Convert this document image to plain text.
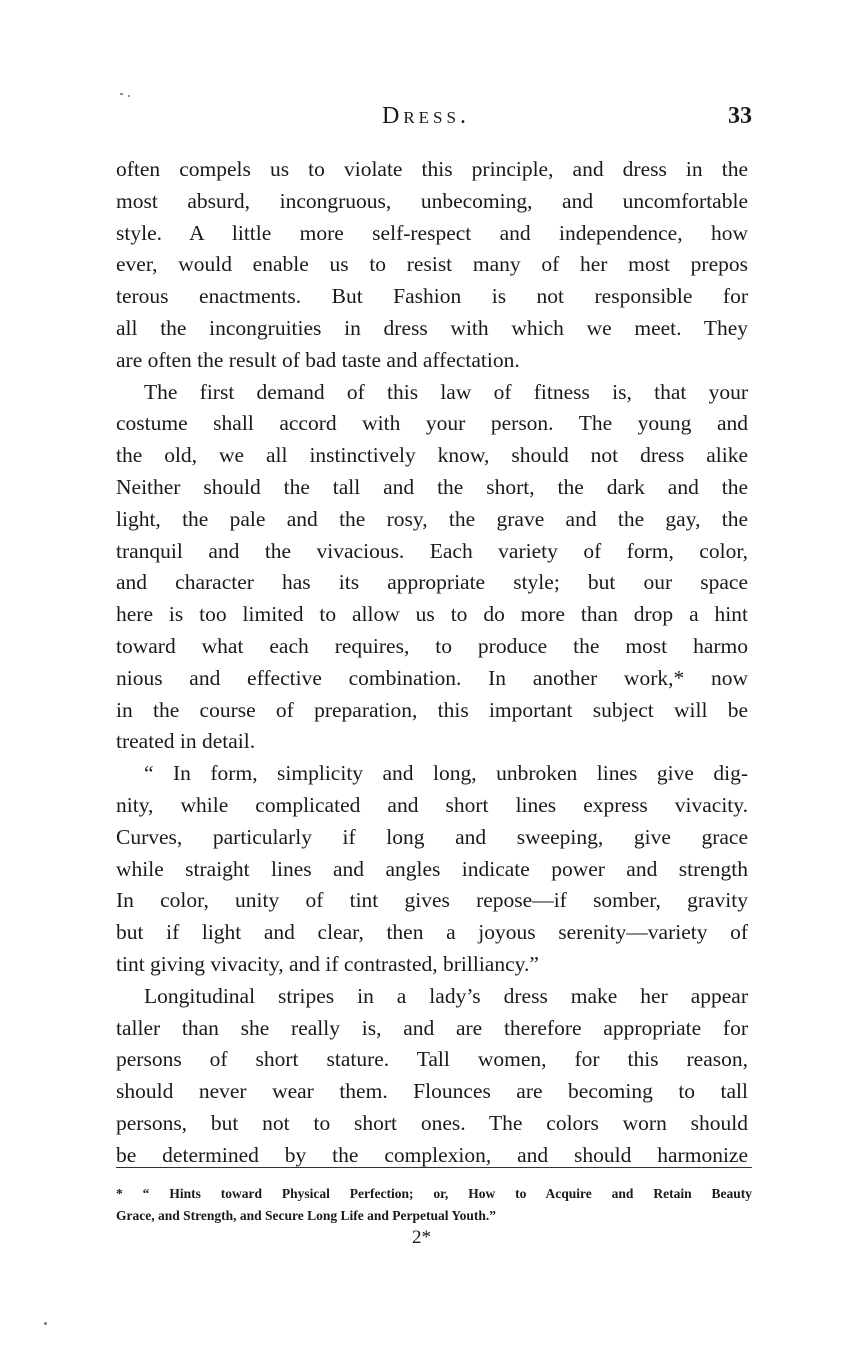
Dress.	33
often compels us to violate this principle, and dress in the
most absurd, incongruous, unbecoming, and uncomfortable
style. A little more self-respect and independence, how
ever, would enable us to resist many of her most prepos
terous enactments. But Fashion is not responsible for
all the incongruities in dress with which we meet. They
are often the result of bad taste and affectation.
The first demand of this law of fitness is, that your
costume shall accord with your person. The young and
the old, we all instinctively know, should not dress alike
Neither should the tall and the short, the dark and the
light, the pale and the rosy, the grave and the gay, the
tranquil and the vivacious. Each variety of form, color,
and character has its appropriate style; but our space
here is too limited to allow us to do more than drop a hint
toward what each requires, to produce the most harmo
nious and effective combination. In another work,* now
in the course of preparation, this important subject will be
treated in detail.
“ In form, simplicity and long, unbroken lines give dig-
nity, while complicated and short lines express vivacity.
Curves, particularly if long and sweeping, give grace
while straight lines and angles indicate power and strength
In color, unity of tint gives repose—if somber, gravity
but if light and clear, then a joyous serenity—variety of
tint giving vivacity, and if contrasted, brilliancy.”
Longitudinal stripes in a lady’s dress make her appear
taller than she really is, and are therefore appropriate for
persons of short stature. Tall women, for this reason,
should never wear them. Flounces are becoming to tall
persons, but not to short ones. The colors worn should
be determined by the complexion, and should harmonize
* “ Hints toward Physical Perfection; or, How to Acquire and Retain Beauty
Grace, and Strength, and Secure Long Life and Perpetual Youth.”
2*
